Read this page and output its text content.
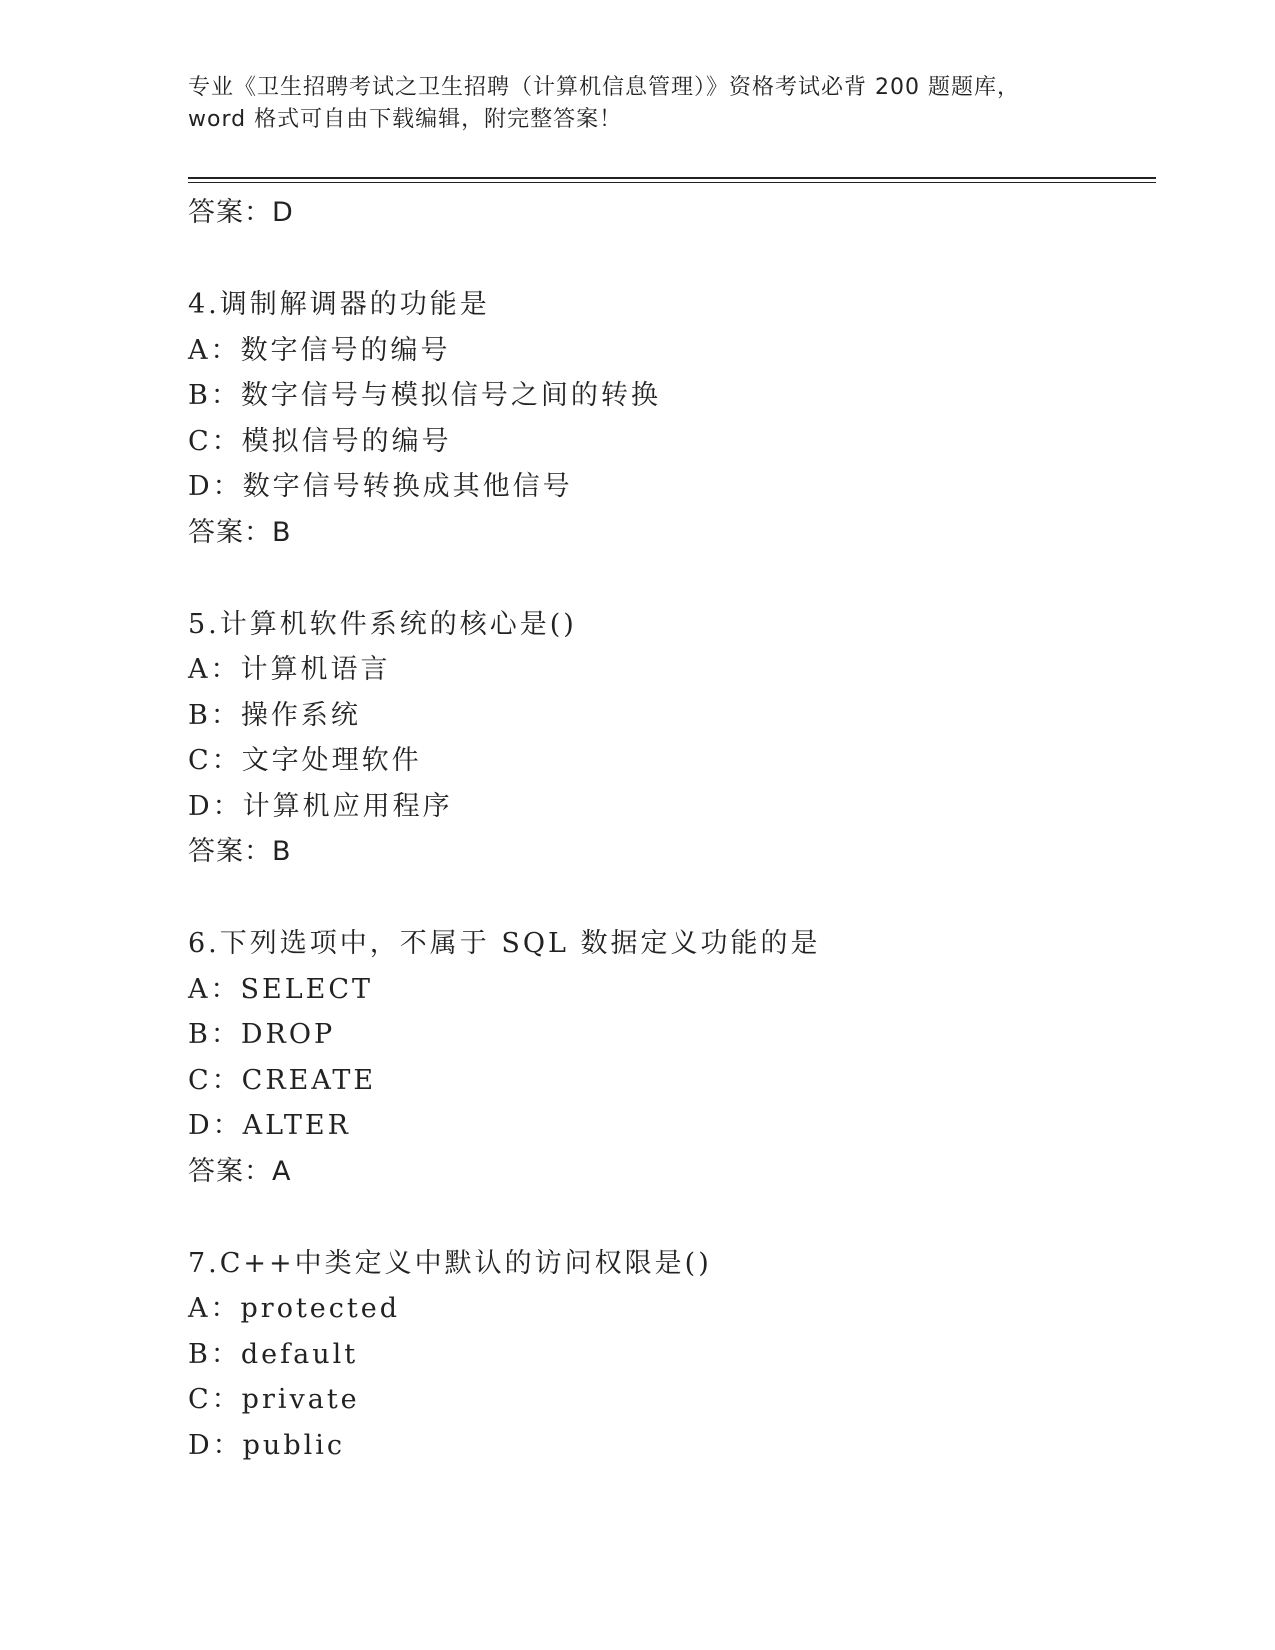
专业《卫生招聘考试之卫生招聘（计算机信息管理）》资格考试必背 200 题题库，
word 格式可自由下载编辑，附完整答案！
答案：D
4.调制解调器的功能是
A：数字信号的编号
B：数字信号与模拟信号之间的转换
C：模拟信号的编号
D：数字信号转换成其他信号
答案：B
5.计算机软件系统的核心是()
A：计算机语言
B：操作系统
C：文字处理软件
D：计算机应用程序
答案：B
6.下列选项中，不属于 SQL 数据定义功能的是
A：SELECT
B：DROP
C：CREATE
D：ALTER
答案：A
7.C++中类定义中默认的访问权限是()
A：protected
B：default
C：private
D：public
